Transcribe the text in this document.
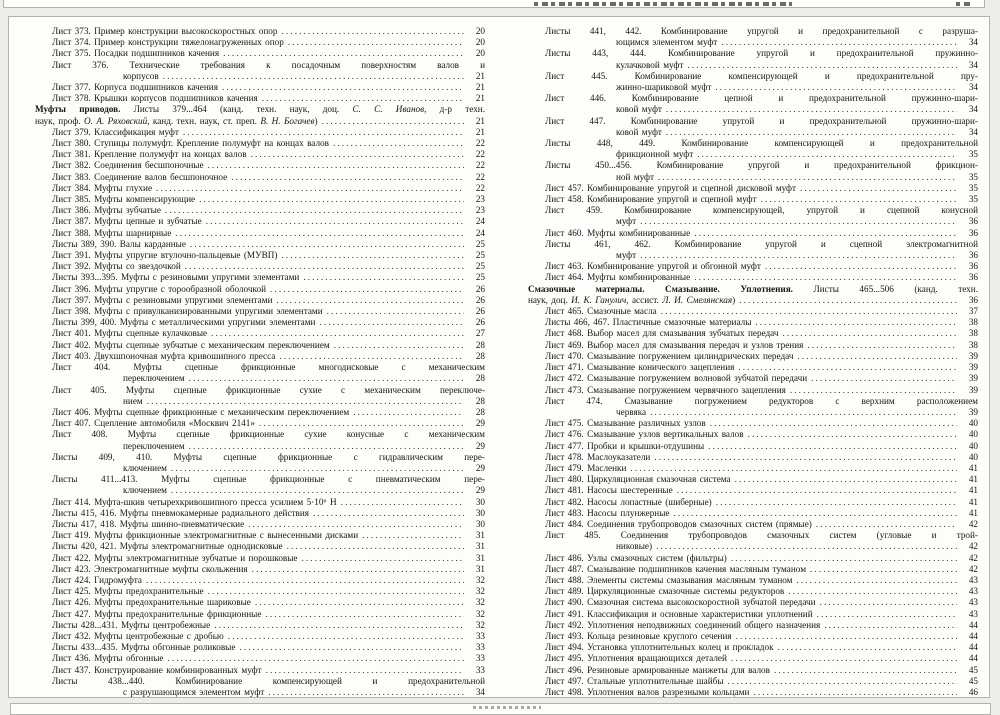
Лист 373. Пример конструкции высокоскоростных опор .....	20
Лист 374. Пример конструкции тяжелонагруженных опор .....	20
Лист 375. Посадки подшипников качения .....	20
Лист 376. Технические требования к посадочным поверхностям валов и
корпусов .....	21
Лист 377. Корпуса подшипников качения .....	21
Лист 378. Крышки корпусов подшипников качения .....	21
Муфты приводов. Листы 379...464 (канд. техн. наук, доц. С. С. Иванов, д-р техн.
наук, проф. О. А. Ряховский, канд. техн. наук, ст. преп. В. Н. Богачев) .....	21
Лист 379. Классификация муфт .....	21
Лист 380. Ступицы полумуфт. Крепление полумуфт на концах валов .....	22
Лист 381. Крепление полумуфт на концах валов .....	22
Лист 382. Соединения бесшпоночные .....	22
Лист 383. Соединение валов бесшпоночное .....	22
Лист 384. Муфты глухие .....	22
Лист 385. Муфты компенсирующие .....	23
Лист 386. Муфты зубчатые .....	23
Лист 387. Муфты цепные и зубчатые .....	24
Лист 388. Муфты шарнирные .....	24
Листы 389, 390. Валы карданные .....	25
Лист 391. Муфты упругие втулочно-пальцевые (МУВП) .....	25
Лист 392. Муфты со звездочкой .....	25
Листы 393...395. Муфты с резиновыми упругими элементами .....	25
Лист 396. Муфты упругие с торообразной оболочкой .....	26
Лист 397. Муфты с резиновыми упругими элементами .....	26
Лист 398. Муфты с привулканизированными упругими элементами .....	26
Листы 399, 400. Муфты с металлическими упругими элементами .....	26
Лист 401. Муфты сцепные кулачковые .....	27
Лист 402. Муфты сцепные зубчатые с механическим переключением .....	28
Лист 403. Двухшпоночная муфта кривошипного пресса .....	28
Лист 404. Муфты сцепные фрикционные многодисковые с механическим
переключением .....	28
Лист 405. Муфты сцепные фрикционные сухие с механическим переключе-
нием .....	28
Лист 406. Муфты сцепные фрикционные с механическим переключением .....	28
Лист 407. Сцепление автомобиля «Москвич 2141» .....	29
Лист 408. Муфты сцепные фрикционные сухие конусные с механическим
переключением .....	29
Листы 409, 410. Муфты сцепные фрикционные с гидравлическим пере-
ключением .....	29
Листы 411...413. Муфты сцепные фрикционные с пневматическим пере-
ключением .....	29
Лист 414. Муфта-шкив четырехкривошипного пресса усилием 5·10⁶ Н .....	30
Листы 415, 416. Муфты пневмокамерные радиального действия .....	30
Листы 417, 418. Муфты шинно-пневматические .....	30
Лист 419. Муфты фрикционные электромагнитные с вынесенными дисками .....	31
Листы 420, 421. Муфты электромагнитные однодисковые .....	31
Лист 422. Муфты электромагнитные зубчатые и порошковые .....	31
Лист 423. Электромагнитные муфты скольжения .....	31
Лист 424. Гидромуфта .....	32
Лист 425. Муфты предохранительные .....	32
Лист 426. Муфты предохранительные шариковые .....	32
Лист 427. Муфты предохранительные фрикционные .....	32
Листы 428...431. Муфты центробежные .....	32
Лист 432. Муфты центробежные с дробью .....	33
Листы 433...435. Муфты обгонные роликовые .....	33
Лист 436. Муфты обгонные .....	33
Лист 437. Конструирование комбинированных муфт .....	33
Листы 438...440. Комбинирование компенсирующей и предохранительной
с разрушающимся элементом муфт .....	34
Листы 441, 442. Комбинирование упругой и предохранительной с разруша-
ющимся элементом муфт .....	34
Листы 443, 444. Комбинирование упругой и предохранительной пружинно-
кулачковой муфт .....	34
Лист 445. Комбинирование компенсирующей и предохранительной пру-
жинно-шариковой муфт .....	34
Лист 446. Комбинирование цепной и предохранительной пружинно-шари-
ковой муфт .....	34
Лист 447. Комбинирование упругой и предохранительной пружинно-шари-
ковой муфт .....	34
Листы 448, 449. Комбинирование компенсирующей и предохранительной
фрикционной муфт .....	35
Листы 450...456. Комбинирование упругой и предохранительной фрикцион-
ной муфт .....	35
Лист 457. Комбинирование упругой и сцепной дисковой муфт .....	35
Лист 458. Комбинирование упругой и сцепной муфт .....	35
Лист 459. Комбинирование компенсирующей, упругой и сцепной конусной
муфт .....	36
Лист 460. Муфты комбинированные .....	36
Листы 461, 462. Комбинирование упругой и сцепной электромагнитной
муфт .....	36
Лист 463. Комбинирование упругой и обгонной муфт .....	36
Лист 464. Муфты комбинированные .....	36
Смазочные материалы. Смазывание. Уплотнения. Листы 465...506 (канд. техн.
наук, доц. И. К. Ганулич, ассист. Л. И. Смелянская) .....	36
Лист 465. Смазочные масла .....	37
Листы 466, 467. Пластичные смазочные материалы .....	38
Лист 468. Выбор масел для смазывания зубчатых передач .....	38
Лист 469. Выбор масел для смазывания передач и узлов трения .....	38
Лист 470. Смазывание погружением цилиндрических передач .....	39
Лист 471. Смазывание конического зацепления .....	39
Лист 472. Смазывание погружением волновой зубчатой передачи .....	39
Лист 473. Смазывание погружением червячного зацепления .....	39
Лист 474. Смазывание погружением редукторов с верхним расположением
червяка .....	39
Лист 475. Смазывание различных узлов .....	40
Лист 476. Смазывание узлов вертикальных валов .....	40
Лист 477. Пробки и крышки-отдушины .....	40
Лист 478. Маслоуказатели .....	40
Лист 479. Масленки .....	41
Лист 480. Циркуляционная смазочная система .....	41
Лист 481. Насосы шестеренные .....	41
Лист 482. Насосы лопастные (шиберные) .....	41
Лист 483. Насосы плунжерные .....	41
Лист 484. Соединения трубопроводов смазочных систем (прямые) .....	42
Лист 485. Соединения трубопроводов смазочных систем (угловые и трой-
никовые) .....	42
Лист 486. Узлы смазочных систем (фильтры) .....	42
Лист 487. Смазывание подшипников качения масляным туманом .....	42
Лист 488. Элементы системы смазывания масляным туманом .....	43
Лист 489. Циркуляционные смазочные системы редукторов .....	43
Лист 490. Смазочная система высокоскоростной зубчатой передачи .....	43
Лист 491. Классификация и основные характеристики уплотнений .....	43
Лист 492. Уплотнения неподвижных соединений общего назначения .....	44
Лист 493. Кольца резиновые круглого сечения .....	44
Лист 494. Установка уплотнительных колец и прокладок .....	44
Лист 495. Уплотнения вращающихся деталей .....	44
Лист 496. Резиновые армированные манжеты для валов .....	45
Лист 497. Стальные уплотнительные шайбы .....	45
Лист 498. Уплотнения валов разрезными кольцами .....	46
